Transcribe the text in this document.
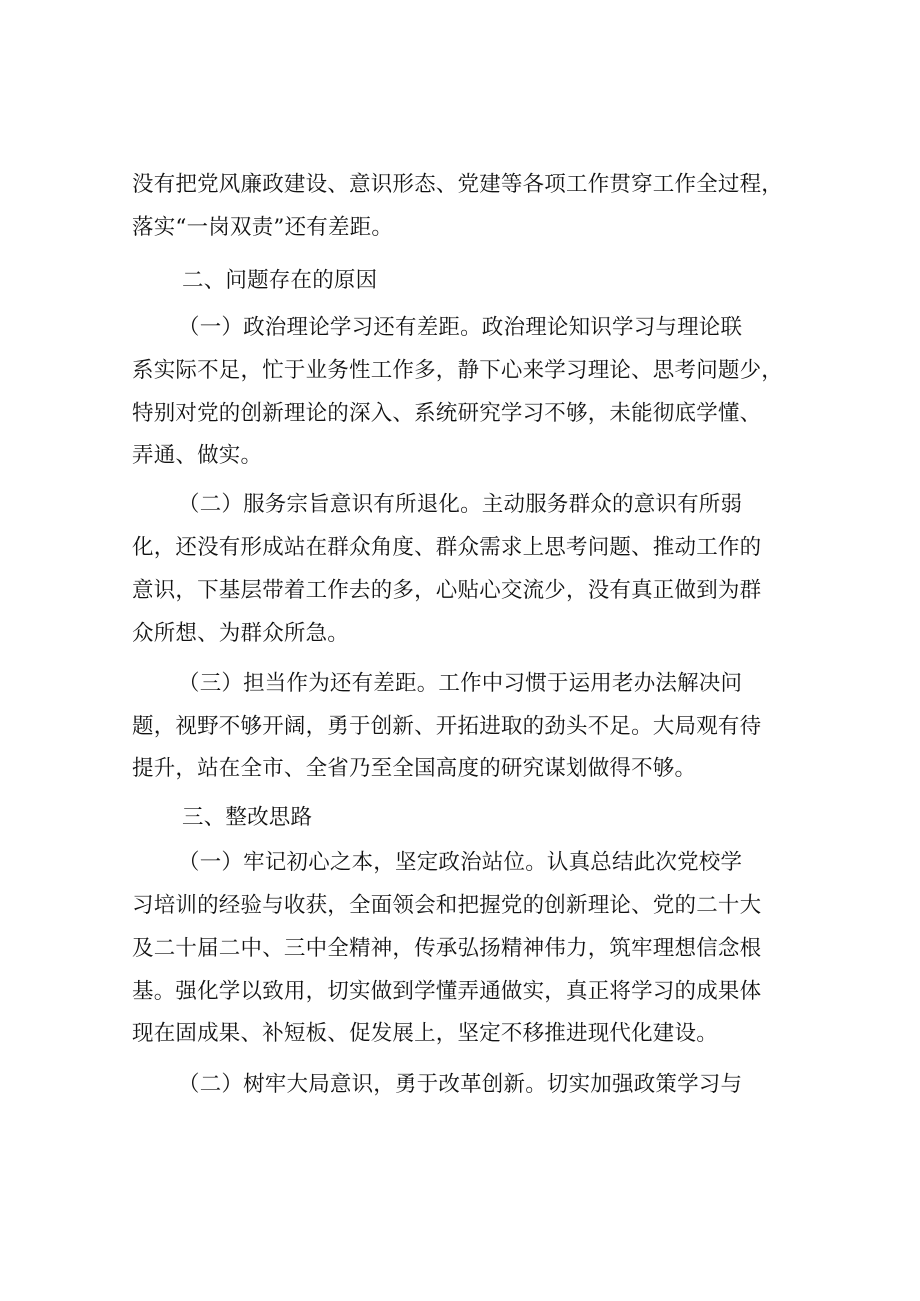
没有把党风廉政建设、意识形态、党建等各项工作贯穿工作全过程，
落实“一岗双责”还有差距。
二、问题存在的原因
（一）政治理论学习还有差距。政治理论知识学习与理论联
系实际不足，忙于业务性工作多，静下心来学习理论、思考问题少，
特别对党的创新理论的深入、系统研究学习不够，未能彻底学懂、
弄通、做实。
（二）服务宗旨意识有所退化。主动服务群众的意识有所弱
化，还没有形成站在群众角度、群众需求上思考问题、推动工作的
意识，下基层带着工作去的多，心贴心交流少，没有真正做到为群
众所想、为群众所急。
（三）担当作为还有差距。工作中习惯于运用老办法解决问
题，视野不够开阔，勇于创新、开拓进取的劲头不足。大局观有待
提升，站在全市、全省乃至全国高度的研究谋划做得不够。
三、整改思路
（一）牢记初心之本，坚定政治站位。认真总结此次党校学
习培训的经验与收获，全面领会和把握党的创新理论、党的二十大
及二十届二中、三中全精神，传承弘扬精神伟力，筑牢理想信念根
基。强化学以致用，切实做到学懂弄通做实，真正将学习的成果体
现在固成果、补短板、促发展上，坚定不移推进现代化建设。
（二）树牢大局意识，勇于改革创新。切实加强政策学习与
